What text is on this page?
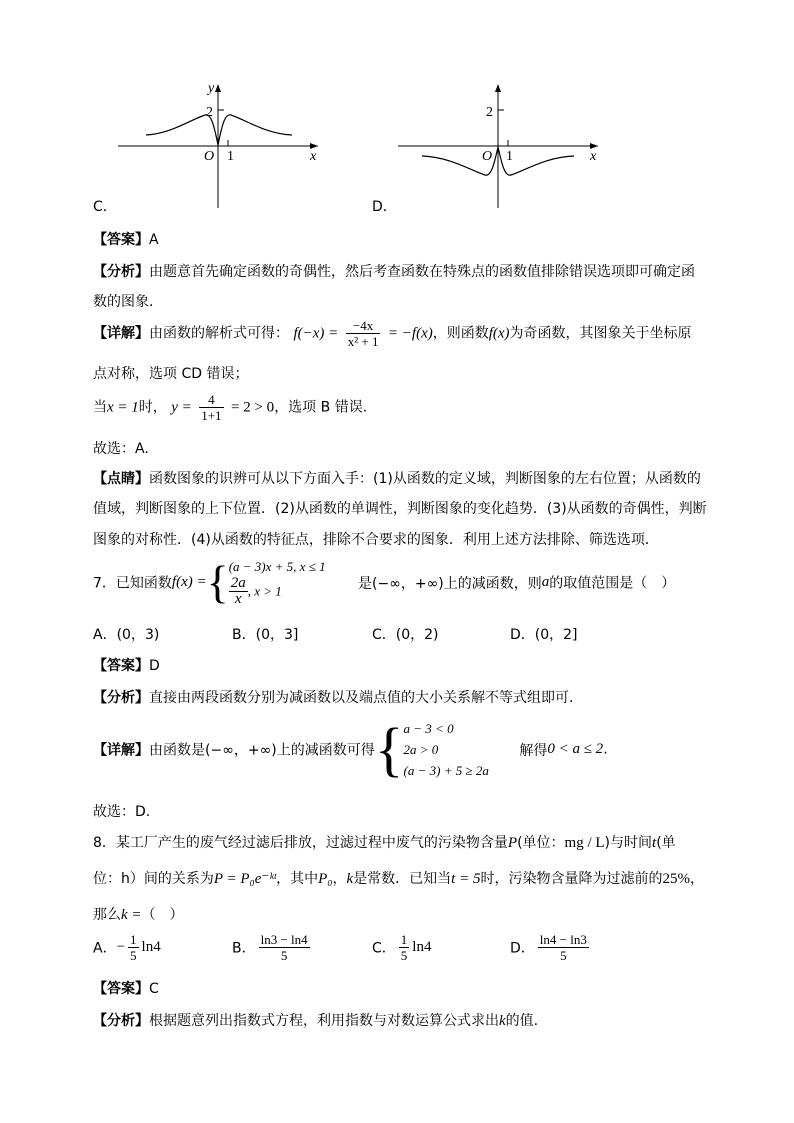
y
2
O 1	x
C．
2
O 1	x
D．
【答案】A
【分析】由题意首先确定函数的奇偶性，然后考查函数在特殊点的函数值排除错误选项即可确定函
数的图象.
【详解】由函数的解析式可得： $f(-x) = \frac{-4x}{\text{x² + 1}} = -f(x)$，则函数f(x)为奇函数，其图象关于坐标原
点对称，选项 CD 错误；
当x = 1时， $y = \frac{4}{1+1} = 2 > 0$，选项 B 错误.
故选：A.
【点睛】函数图象的识辨可从以下方面入手：(1)从函数的定义域，判断图象的左右位置；从函数的
值域，判断图象的上下位置．(2)从函数的单调性，判断图象的变化趋势．(3)从函数的奇偶性，判断
图象的对称性．(4)从函数的特征点，排除不合要求的图象．利用上述方法排除、筛选选项．
7．已知函数f(x) ={ (a − 3)x + 5, x ≤ 1
$\frac{2a}{x}$ , x > 1	是(−∞，+∞)上的减函数，则a的取值范围是（　）
A．(0，3)	B．(0，3]	C．(0，2)	D．(0，2]
【答案】D
【分析】直接由两段函数分别为减函数以及端点值的大小关系解不等式组即可.
【详解】由函数是(−∞，+∞)上的减函数可得{ a − 3 < 0
2a > 0
(a − 3) + 5 ≥ 2a
解得0 < a ≤ 2.
故选：D.
8．某工厂产生的废气经过滤后排放，过滤过程中废气的污染物含量P(单位：mg / L)与时间t(单
位：h）间的关系为P = P₀e⁻ᵏᵗ，其中P₀，k是常数．已知当t = 5时，污染物含量降为过滤前的25%，
那么k =（　）
A．− $\frac{1}{5} \ln 4$	B． $\frac{\ln 3 - \ln 4}{5}$	C． $\frac{1}{5} \ln 4$	D． $\frac{\ln 4 - \ln 3}{5}$
【答案】C
【分析】根据题意列出指数式方程，利用指数与对数运算公式求出k的值.
